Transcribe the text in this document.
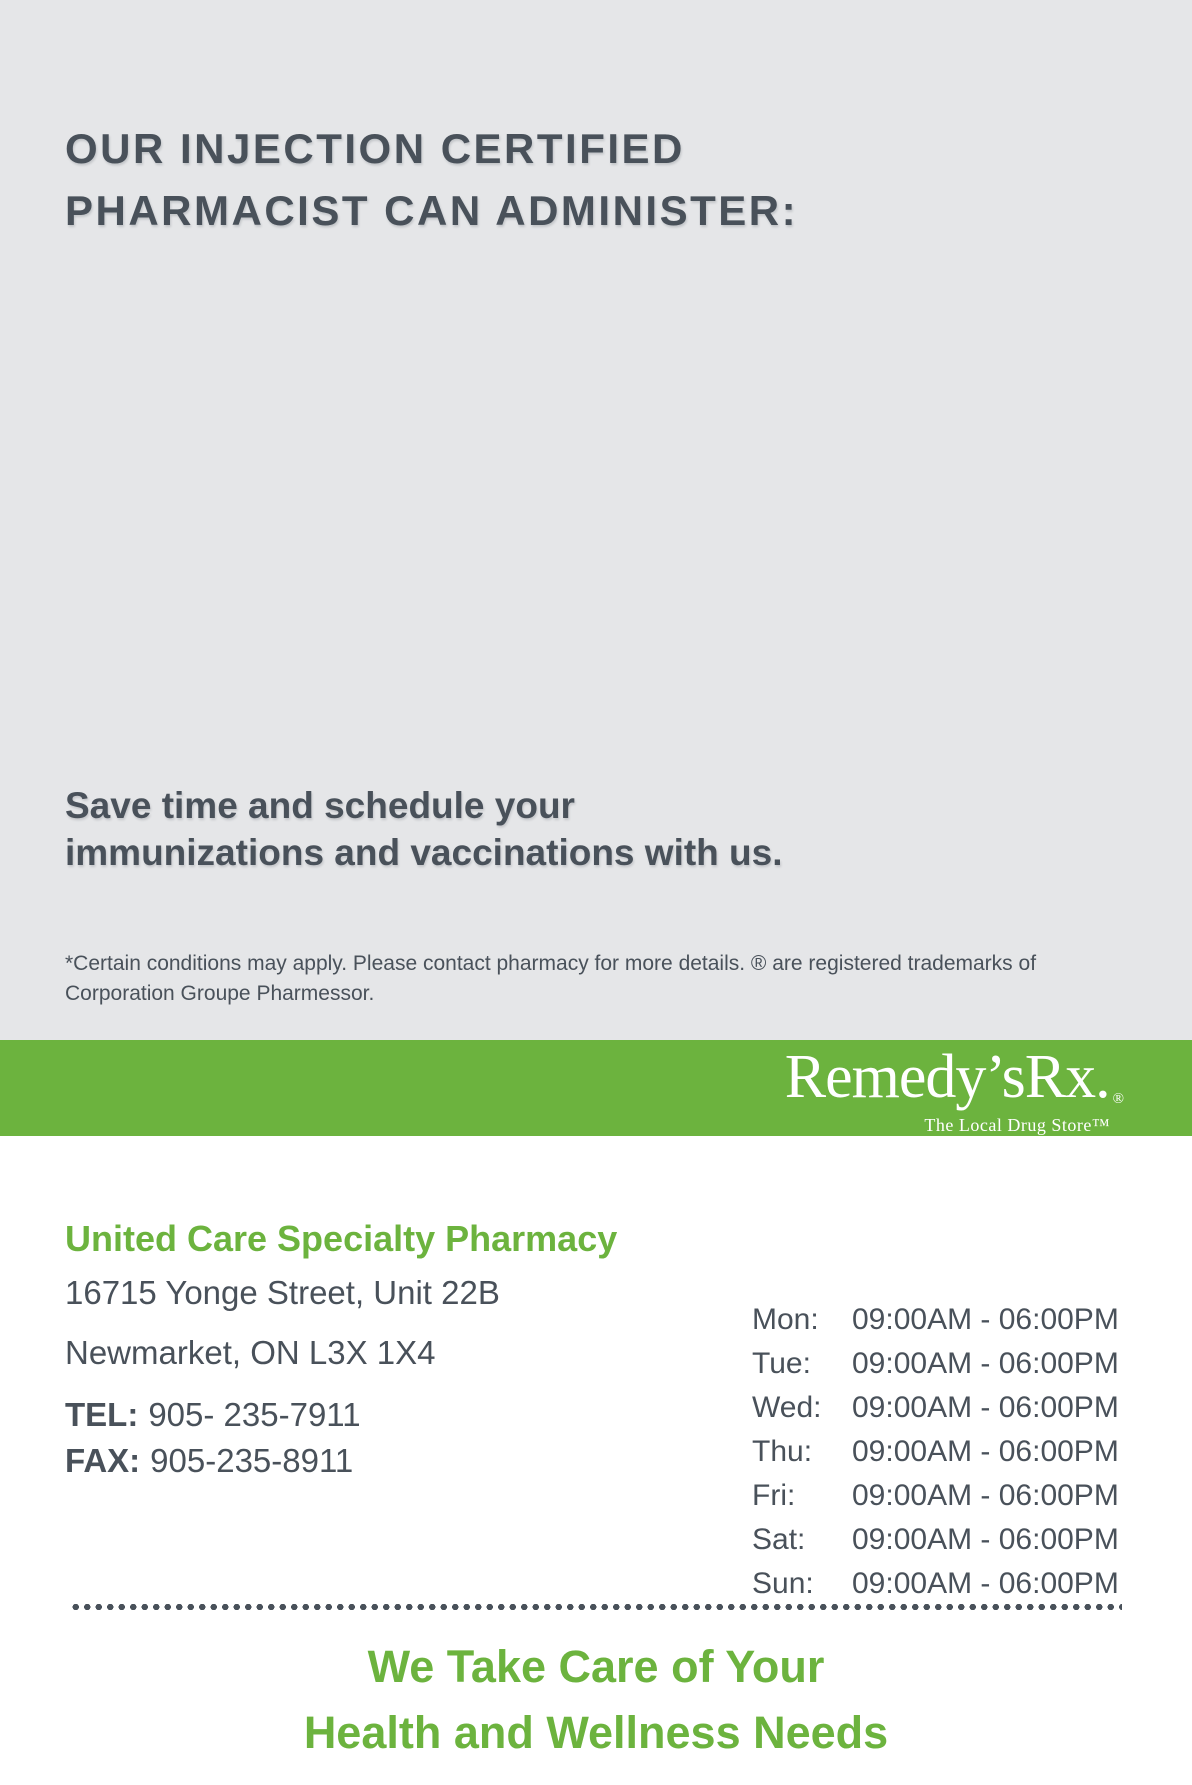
OUR INJECTION CERTIFIED
PHARMACIST CAN ADMINISTER:
Save time and schedule your
immunizations and vaccinations with us.

*Certain conditions may apply. Please contact pharmacy for more details. ® are registered trademarks of
Corporation Groupe Pharmessor.

Remedy’sRx. ®
The Local Drug Store™
United Care Specialty Pharmacy
16715 Yonge Street, Unit 22B
Newmarket, ON L3X 1X4
TEL: 905- 235-7911
FAX: 905-235-8911
Mon:	09:00AM - 06:00PM
Tue:	09:00AM - 06:00PM
Wed:	09:00AM - 06:00PM
Thu:	09:00AM - 06:00PM
Fri:	09:00AM - 06:00PM
Sat:	09:00AM - 06:00PM
Sun:	09:00AM - 06:00PM
We Take Care of Your
Health and Wellness Needs
